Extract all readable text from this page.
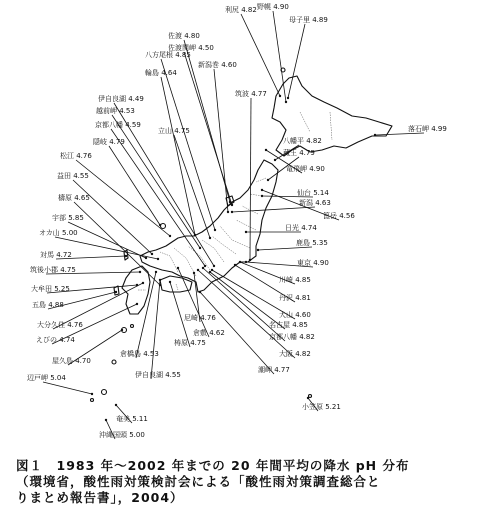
利尻 4.82 野幌 4.90
母子里 4.89
佐渡 4.80
佐渡関岬 4.50
八方尾根 4.85
新潟巻 4.60
輪島 4.64
筑波 4.77
伊自良湖 4.49
越前岬 4.53
立山 4.75
京都八幡 4.59	落石岬 4.99
隠岐 4.79	八幡平 4.82
蔵王 4.79
松江 4.76
竜飛岬 4.90
益田 4.55
仙台 5.14
新潟 4.63
檮原 4.65
箟岳 4.56
宇部 5.85
日光 4.74
オカ山 5.00
鹿島 5.35
対馬 4.72
東京 4.90
筑後小郡 4.75
川崎 4.85
大牟田 5.25
丹沢 4.81
五島 4.88
犬山 4.60
大分久住 4.76
尼崎 4.76
名古屋 4.85
えびの 4.74
倉敷 4.62	京都八幡 4.82
梼原 4.75
屋久島 4.70
倉橋島 4.53	大阪 4.82
潮岬 4.77
伊自良湖 4.55
辺戸岬 5.04
小笠原 5.21
奄美 5.11
沖縄国頭 5.00
図１　1983 年～2002 年までの 20 年間平均の降水 pH 分布
（環境省，酸性雨対策検討会による「酸性雨対策調査総合と
りまとめ報告書」，2004）
